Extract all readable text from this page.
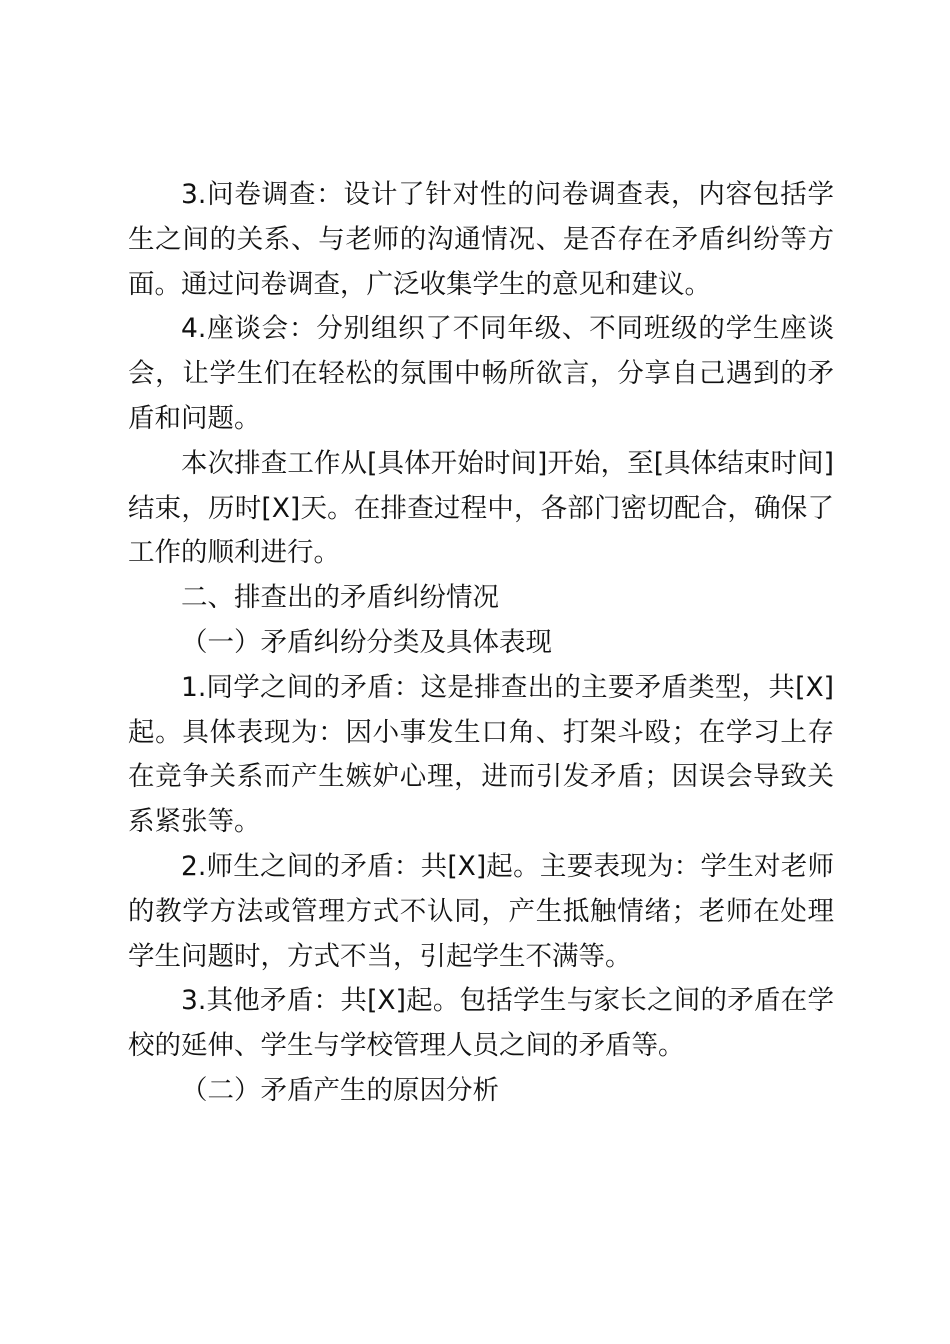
3.问卷调查：设计了针对性的问卷调查表，内容包括学生之间的关系、与老师的沟通情况、是否存在矛盾纠纷等方面。通过问卷调查，广泛收集学生的意见和建议。

4.座谈会：分别组织了不同年级、不同班级的学生座谈会，让学生们在轻松的氛围中畅所欲言，分享自己遇到的矛盾和问题。

本次排查工作从[具体开始时间]开始，至[具体结束时间]结束，历时[X]天。在排查过程中，各部门密切配合，确保了工作的顺利进行。

二、排查出的矛盾纠纷情况

（一）矛盾纠纷分类及具体表现

1.同学之间的矛盾：这是排查出的主要矛盾类型，共[X]起。具体表现为：因小事发生口角、打架斗殴；在学习上存在竞争关系而产生嫉妒心理，进而引发矛盾；因误会导致关系紧张等。

2.师生之间的矛盾：共[X]起。主要表现为：学生对老师的教学方法或管理方式不认同，产生抵触情绪；老师在处理学生问题时，方式不当，引起学生不满等。

3.其他矛盾：共[X]起。包括学生与家长之间的矛盾在学校的延伸、学生与学校管理人员之间的矛盾等。

（二）矛盾产生的原因分析
